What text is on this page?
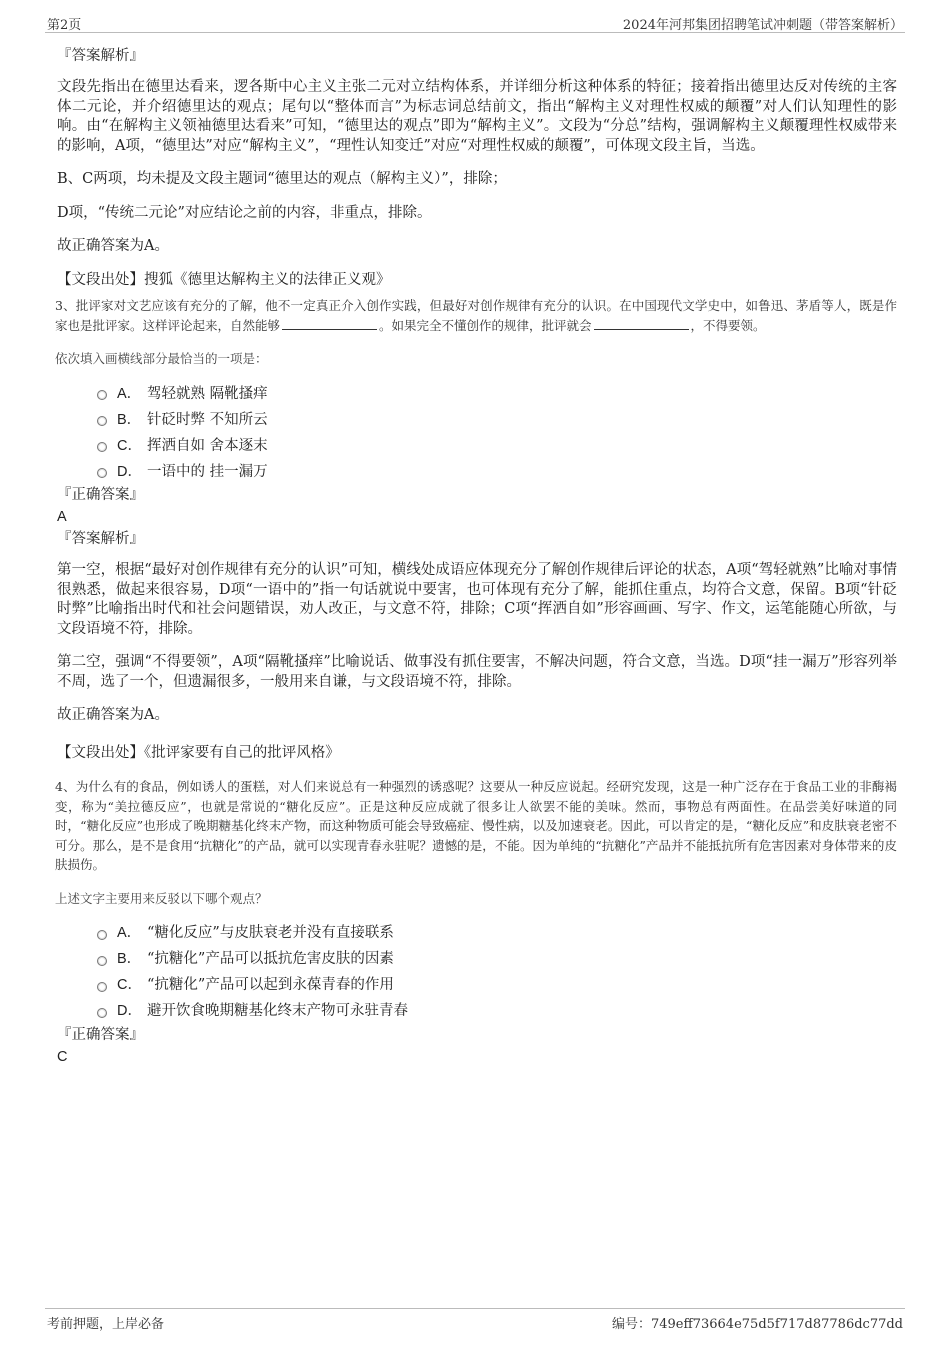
第2页	2024年河邦集团招聘笔试冲刺题（带答案解析）
『答案解析』

文段先指出在德里达看来，逻各斯中心主义主张二元对立结构体系，并详细分析这种体系的特征；接着指出德里达反对传统的主客体二元论，并介绍德里达的观点；尾句以“整体而言”为标志词总结前文，指出“解构主义对理性权威的颠覆”对人们认知理性的影响。由“在解构主义领袖德里达看来”可知，“德里达的观点”即为“解构主义”。文段为“分总”结构，强调解构主义颠覆理性权威带来的影响，A项，“德里达”对应“解构主义”，“理性认知变迁”对应“对理性权威的颠覆”，可体现文段主旨，当选。

B、C两项，均未提及文段主题词“德里达的观点（解构主义）”，排除；

D项，“传统二元论”对应结论之前的内容，非重点，排除。

故正确答案为A。

【文段出处】搜狐《德里达解构主义的法律正义观》

3、批评家对文艺应该有充分的了解，他不一定真正介入创作实践，但最好对创作规律有充分的认识。在中国现代文学史中，如鲁迅、茅盾等人，既是作家也是批评家。这样评论起来，自然能够	。如果完全不懂创作的规律，批评就会	，不得要领。

依次填入画横线部分最恰当的一项是：

A． 驾轻就熟 隔靴搔痒
B． 针砭时弊 不知所云
C． 挥洒自如 舍本逐末
D． 一语中的 挂一漏万
『正确答案』
A
『答案解析』

第一空，根据“最好对创作规律有充分的认识”可知，横线处成语应体现充分了解创作规律后评论的状态，A项“驾轻就熟”比喻对事情很熟悉，做起来很容易，D项“一语中的”指一句话就说中要害，也可体现有充分了解，能抓住重点，均符合文意，保留。B项“针砭时弊”比喻指出时代和社会问题错误，劝人改正，与文意不符，排除；C项“挥洒自如”形容画画、写字、作文，运笔能随心所欲，与文段语境不符，排除。

第二空，强调“不得要领”，A项“隔靴搔痒”比喻说话、做事没有抓住要害，不解决问题，符合文意，当选。D项“挂一漏万”形容列举不周，选了一个，但遗漏很多，一般用来自谦，与文段语境不符，排除。

故正确答案为A。

【文段出处】《批评家要有自己的批评风格》

4、为什么有的食品，例如诱人的蛋糕，对人们来说总有一种强烈的诱惑呢？这要从一种反应说起。经研究发现，这是一种广泛存在于食品工业的非酶褐变，称为“美拉德反应”，也就是常说的“糖化反应”。正是这种反应成就了很多让人欲罢不能的美味。然而，事物总有两面性。在品尝美好味道的同时，“糖化反应”也形成了晚期糖基化终末产物，而这种物质可能会导致癌症、慢性病，以及加速衰老。因此，可以肯定的是，“糖化反应”和皮肤衰老密不可分。那么，是不是食用“抗糖化”的产品，就可以实现青春永驻呢？遗憾的是，不能。因为单纯的“抗糖化”产品并不能抵抗所有危害因素对身体带来的皮肤损伤。

上述文字主要用来反驳以下哪个观点？

A． “糖化反应”与皮肤衰老并没有直接联系
B． “抗糖化”产品可以抵抗危害皮肤的因素
C． “抗糖化”产品可以起到永葆青春的作用
D． 避开饮食晚期糖基化终末产物可永驻青春
『正确答案』
C
考前押题，上岸必备	编号：749eff73664e75d5f717d87786dc77dd
